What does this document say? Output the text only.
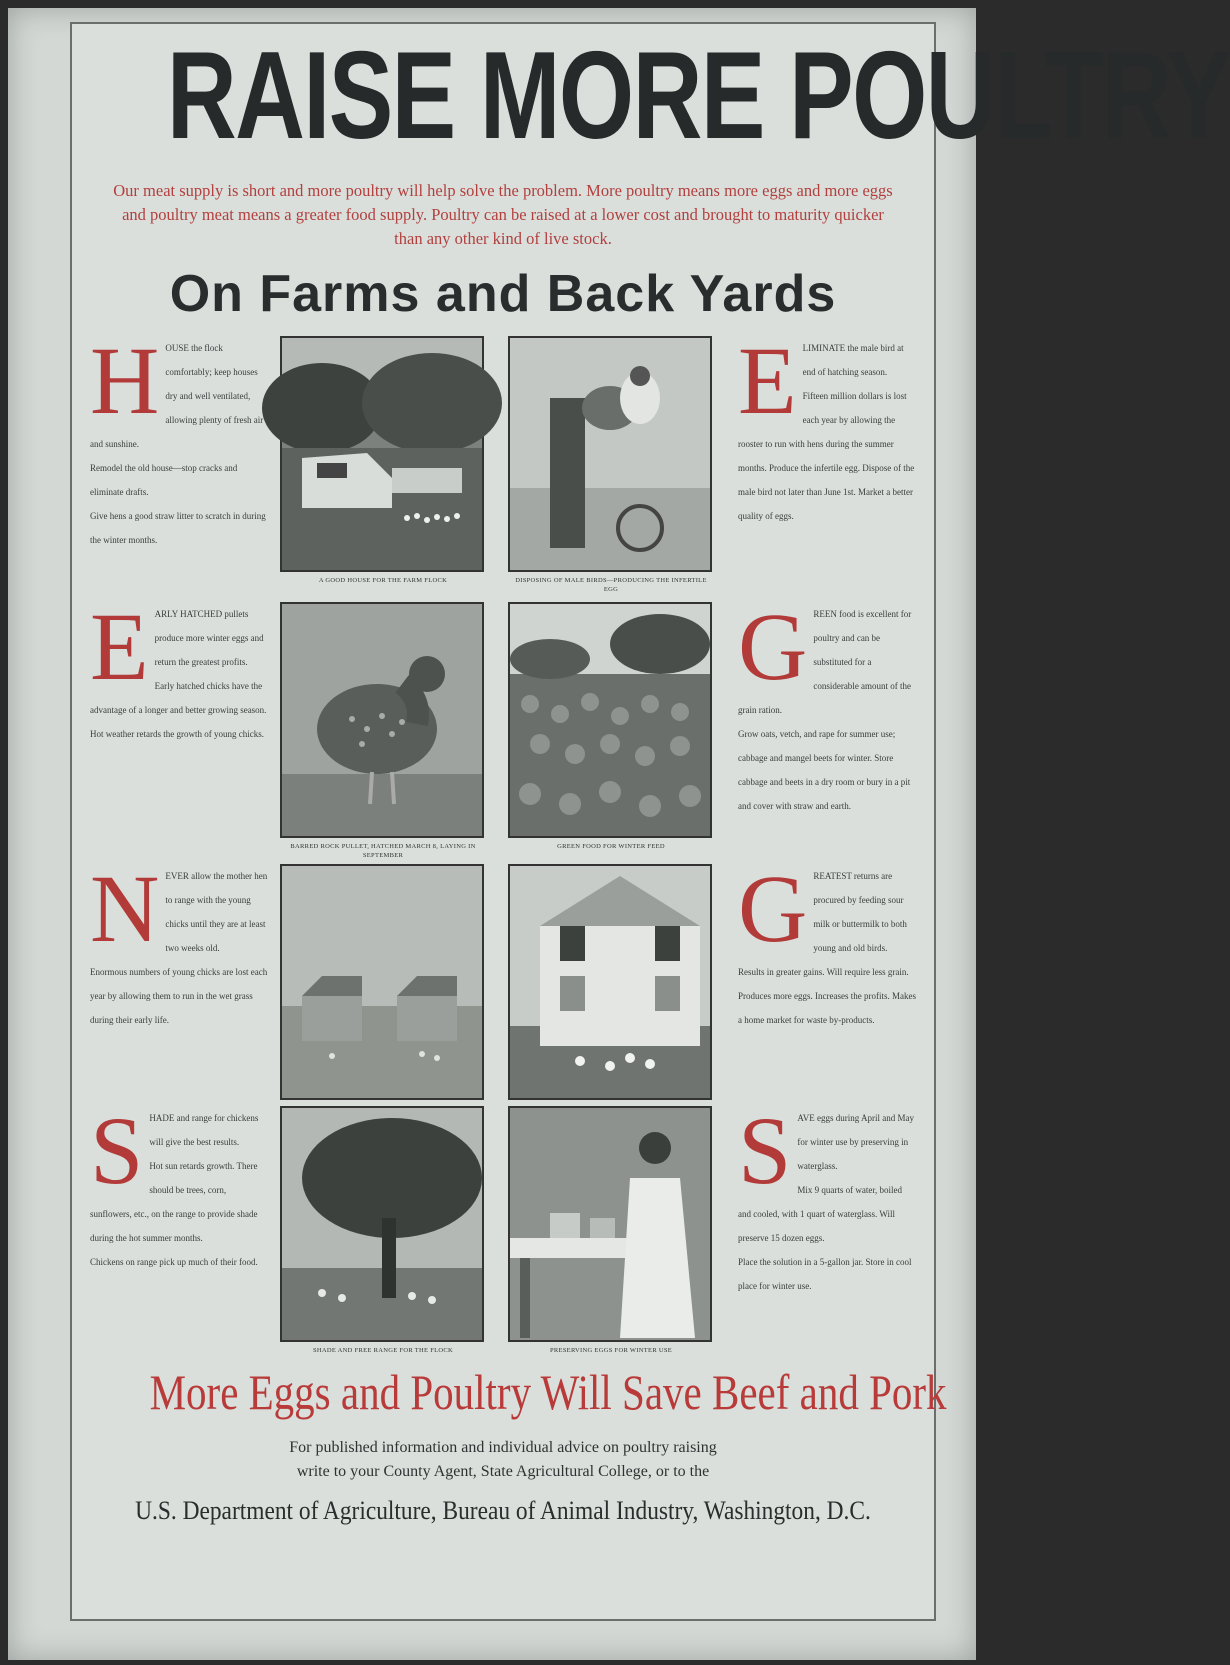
RAISE MORE POULTRY
Our meat supply is short and more poultry will help solve the problem. More poultry means more eggs and more eggs and poultry meat means a greater food supply. Poultry can be raised at a lower cost and brought to maturity quicker than any other kind of live stock.
On Farms and Back Yards
H OUSE the flock comfortably; keep houses dry and well ventilated, allowing plenty of fresh air and sunshine.

Remodel the old house—stop cracks and eliminate drafts.

Give hens a good straw litter to scratch in during the winter months.

A GOOD HOUSE FOR THE FARM FLOCK	DISPOSING OF MALE BIRDS—PRODUCING THE INFERTILE EGG
E LIMINATE the male bird at end of hatching season.

Fifteen million dollars is lost each year by allowing the rooster to run with hens during the summer months. Produce the infertile egg. Dispose of the male bird not later than June 1st. Market a better quality of eggs.

E ARLY HATCHED pullets produce more winter eggs and return the greatest profits.

Early hatched chicks have the advantage of a longer and better growing season.

Hot weather retards the growth of young chicks.

BARRED ROCK PULLET, HATCHED MARCH 8, LAYING IN SEPTEMBER
GREEN FOOD FOR WINTER FEED
G REEN food is excellent for poultry and can be substituted for a considerable amount of the grain ration.

Grow oats, vetch, and rape for summer use; cabbage and mangel beets for winter. Store cabbage and beets in a dry room or bury in a pit and cover with straw and earth.

N EVER allow the mother hen to range with the young chicks until they are at least two weeks old.

Enormous numbers of young chicks are lost each year by allowing them to run in the wet grass during their early life.

G REATEST returns are procured by feeding sour milk or buttermilk to both young and old birds.

Results in greater gains. Will require less grain. Produces more eggs. Increases the profits. Makes a home market for waste by-products.

S HADE and range for chickens will give the best results.

Hot sun retards growth. There should be trees, corn, sunflowers, etc., on the range to provide shade during the hot summer months.

Chickens on range pick up much of their food.

SHADE AND FREE RANGE FOR THE FLOCK	PRESERVING EGGS FOR WINTER USE
S AVE eggs during April and May for winter use by preserving in waterglass.

Mix 9 quarts of water, boiled and cooled, with 1 quart of waterglass. Will preserve 15 dozen eggs.

Place the solution in a 5-gallon jar. Store in cool place for winter use.

More Eggs and Poultry Will Save Beef and Pork
For published information and individual advice on poultry raising
write to your County Agent, State Agricultural College, or to the
U.S. Department of Agriculture, Bureau of Animal Industry, Washington, D.C.
